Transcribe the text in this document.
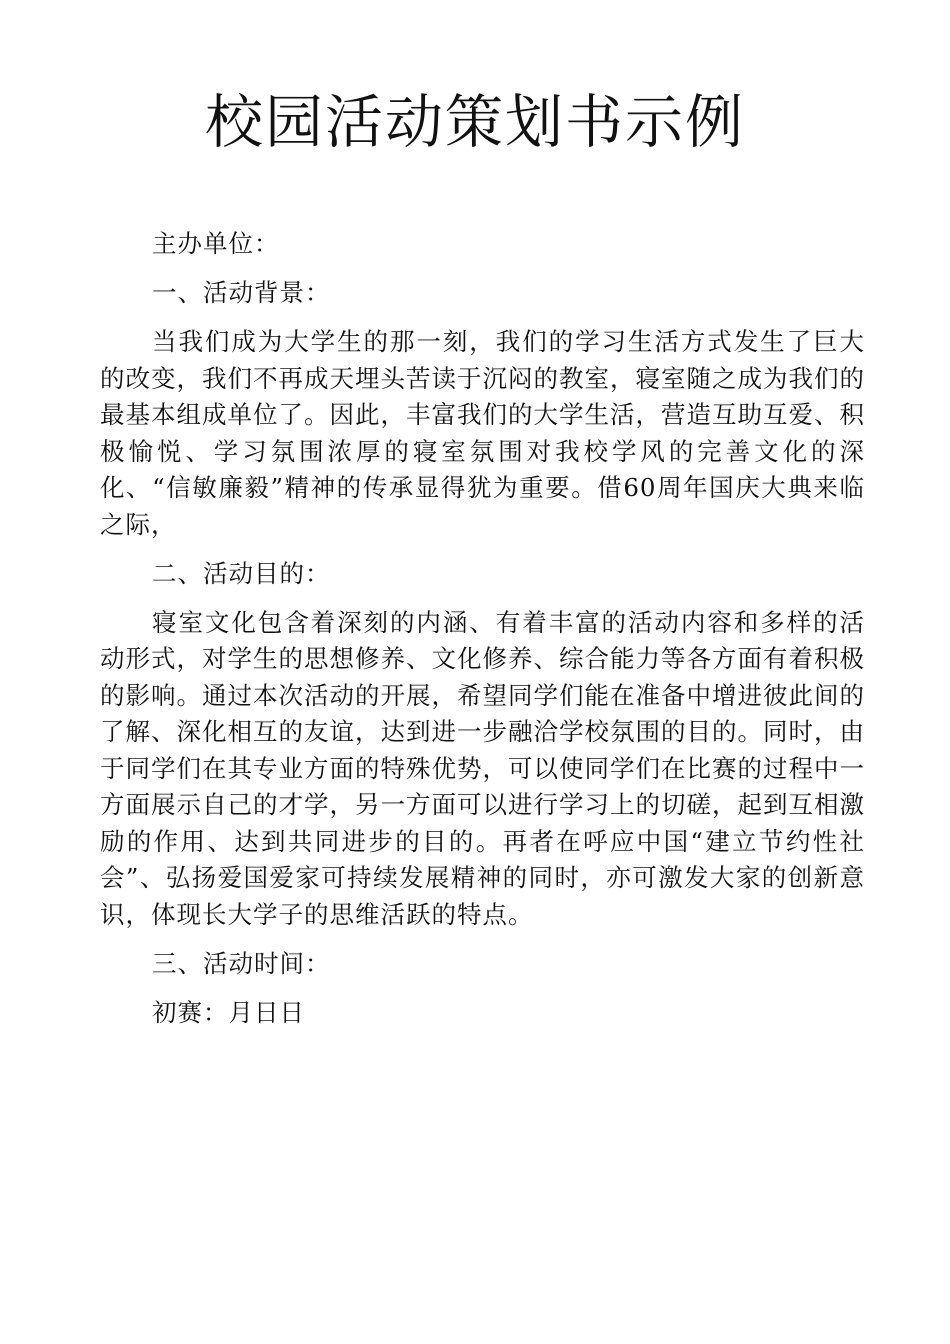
校园活动策划书示例

主办单位：

一、活动背景：

当我们成为大学生的那一刻，我们的学习生活方式发生了巨大的改变，我们不再成天埋头苦读于沉闷的教室，寝室随之成为我们的最基本组成单位了。因此，丰富我们的大学生活，营造互助互爱、积极愉悦、学习氛围浓厚的寝室氛围对我校学风的完善文化的深化、“信敏廉毅”精神的传承显得犹为重要。借60周年国庆大典来临之际，

二、活动目的：

寝室文化包含着深刻的内涵、有着丰富的活动内容和多样的活动形式，对学生的思想修养、文化修养、综合能力等各方面有着积极的影响。通过本次活动的开展，希望同学们能在准备中增进彼此间的了解、深化相互的友谊，达到进一步融洽学校氛围的目的。同时，由于同学们在其专业方面的特殊优势，可以使同学们在比赛的过程中一方面展示自己的才学，另一方面可以进行学习上的切磋，起到互相激励的作用、达到共同进步的目的。再者在呼应中国“建立节约性社会”、弘扬爱国爱家可持续发展精神的同时，亦可激发大家的创新意识，体现长大学子的思维活跃的特点。

三、活动时间：

初赛：月日日
